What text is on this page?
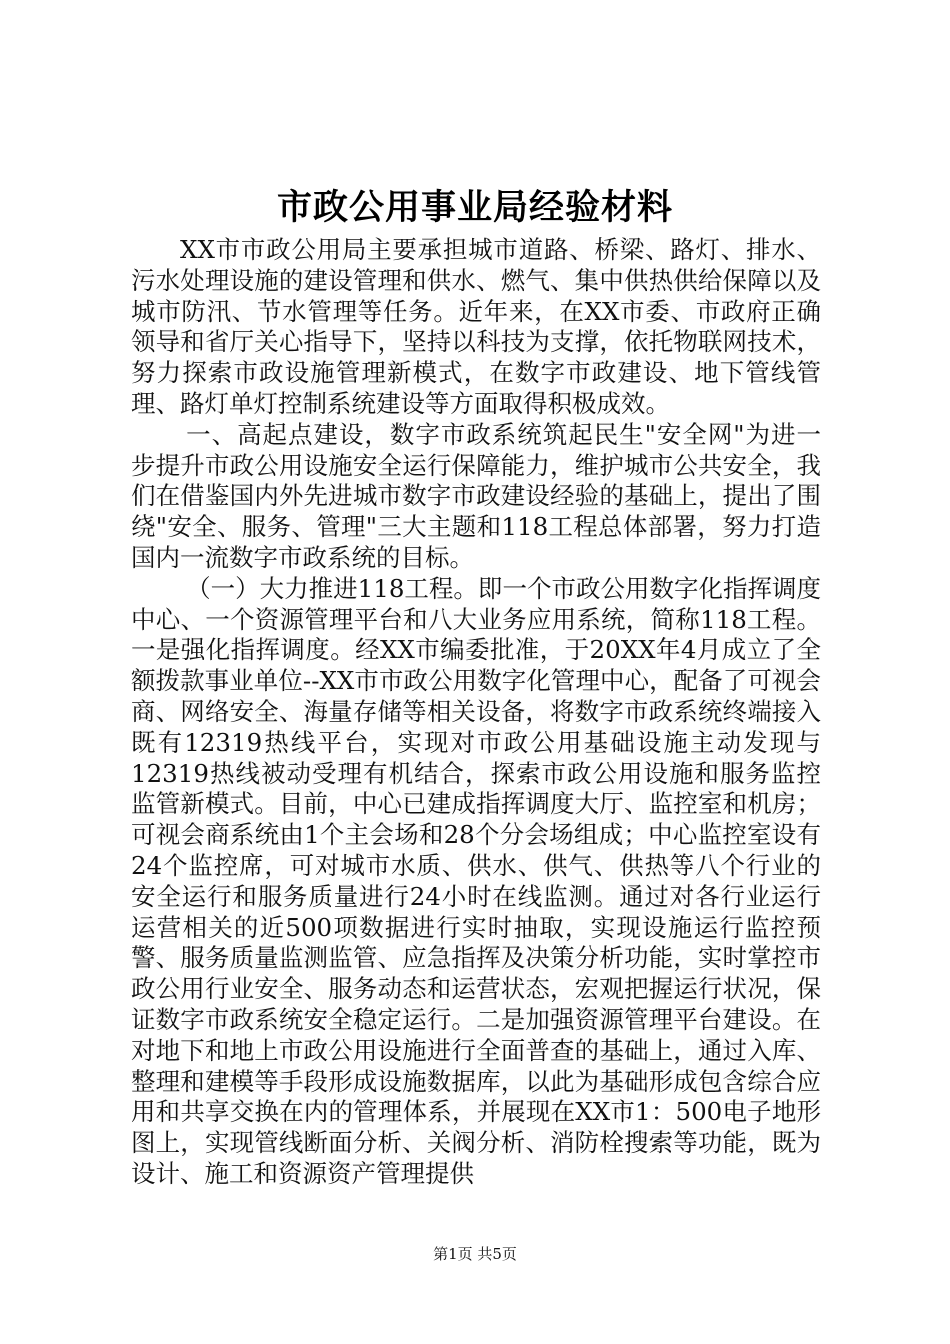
市政公用事业局经验材料

XX市市政公用局主要承担城市道路、桥梁、路灯、排水、污水处理设施的建设管理和供水、燃气、集中供热供给保障以及城市防汛、节水管理等任务。近年来，在XX市委、市政府正确领导和省厅关心指导下，坚持以科技为支撑，依托物联网技术，努力探索市政设施管理新模式，在数字市政建设、地下管线管理、路灯单灯控制系统建设等方面取得积极成效。

一、高起点建设，数字市政系统筑起民生"安全网"为进一步提升市政公用设施安全运行保障能力，维护城市公共安全，我们在借鉴国内外先进城市数字市政建设经验的基础上，提出了围绕"安全、服务、管理"三大主题和118工程总体部署，努力打造国内一流数字市政系统的目标。

（一）大力推进118工程。即一个市政公用数字化指挥调度中心、一个资源管理平台和八大业务应用系统，简称118工程。一是强化指挥调度。经XX市编委批准，于20XX年4月成立了全额拨款事业单位--XX市市政公用数字化管理中心，配备了可视会商、网络安全、海量存储等相关设备，将数字市政系统终端接入既有12319热线平台，实现对市政公用基础设施主动发现与12319热线被动受理有机结合，探索市政公用设施和服务监控监管新模式。目前，中心已建成指挥调度大厅、监控室和机房；可视会商系统由1个主会场和28个分会场组成；中心监控室设有24个监控席，可对城市水质、供水、供气、供热等八个行业的安全运行和服务质量进行24小时在线监测。通过对各行业运行运营相关的近500项数据进行实时抽取，实现设施运行监控预警、服务质量监测监管、应急指挥及决策分析功能，实时掌控市政公用行业安全、服务动态和运营状态，宏观把握运行状况，保证数字市政系统安全稳定运行。二是加强资源管理平台建设。在对地下和地上市政公用设施进行全面普查的基础上，通过入库、整理和建模等手段形成设施数据库，以此为基础形成包含综合应用和共享交换在内的管理体系，并展现在XX市1：500电子地形图上，实现管线断面分析、关阀分析、消防栓搜索等功能，既为设计、施工和资源资产管理提供

第1页 共5页
